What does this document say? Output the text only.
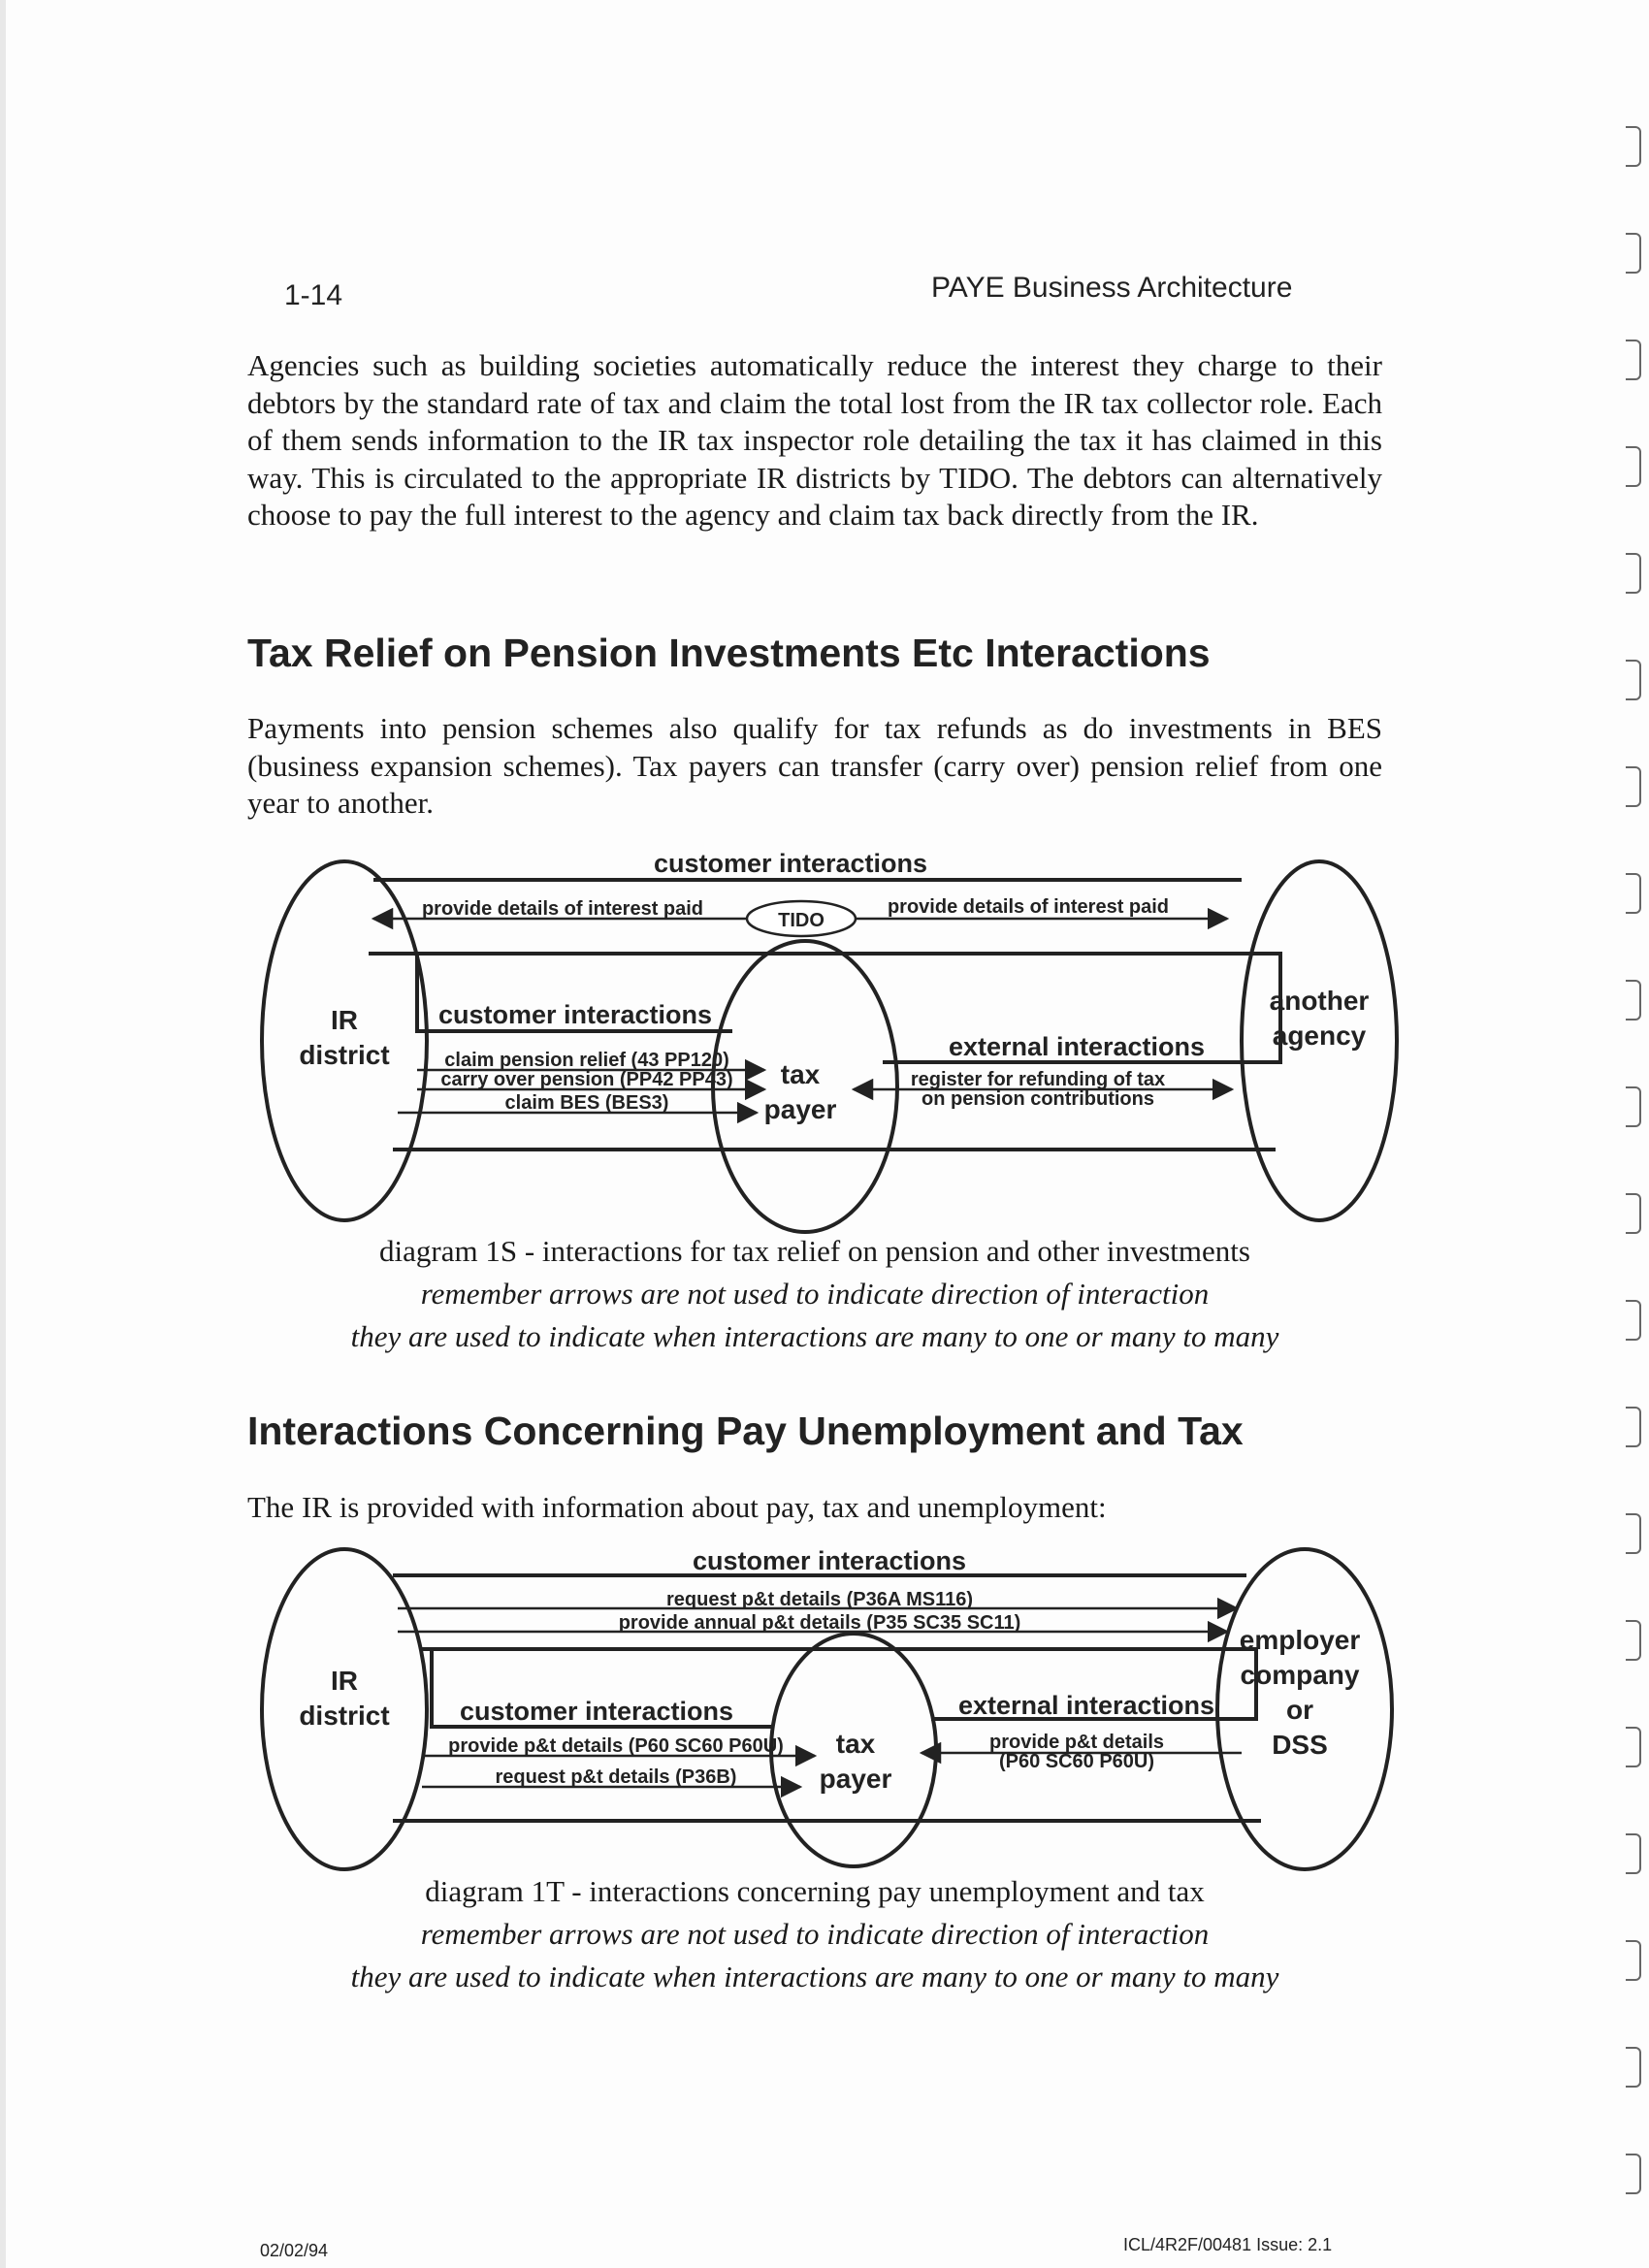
1-14	PAYE Business Architecture
Agencies such as building societies automatically reduce the interest they charge to their debtors by the standard rate of tax and claim the total lost from the IR tax collector role. Each of them sends information to the IR tax inspector role detailing the tax it has claimed in this way. This is circulated to the appropriate IR districts by TIDO. The debtors can alternatively choose to pay the full interest to the agency and claim tax back directly from the IR.
Tax Relief on Pension Investments Etc Interactions
Payments into pension schemes also qualify for tax refunds as do investments in BES (business expansion schemes). Tax payers can transfer (carry over) pension relief from one year to another.
customer interactions
provide details of interest paid	provide details of interest paid
TIDO
IR
district
another
agency
tax
payer
customer interactions
external interactions
claim pension relief (43 PP120)
carry over pension (PP42 PP43)
claim BES (BES3)
register for refunding of tax
on pension contributions
diagram 1S - interactions for tax relief on pension and other investments
remember arrows are not used to indicate direction of interaction
they are used to indicate when interactions are many to one or many to many
Interactions Concerning Pay Unemployment and Tax
The IR is provided with information about pay, tax and unemployment:
customer interactions
request p&t details (P36A MS116)
provide annual p&t details (P35 SC35 SC11)
IR
district
employer
company
or
DSS
tax
payer
customer interactions	external interactions
provide p&t details (P60 SC60 P60U)
request p&t details (P36B)
provide p&t details
(P60 SC60 P60U)
diagram 1T - interactions concerning pay unemployment and tax
remember arrows are not used to indicate direction of interaction
they are used to indicate when interactions are many to one or many to many
02/02/94	ICL/4R2F/00481 Issue: 2.1
